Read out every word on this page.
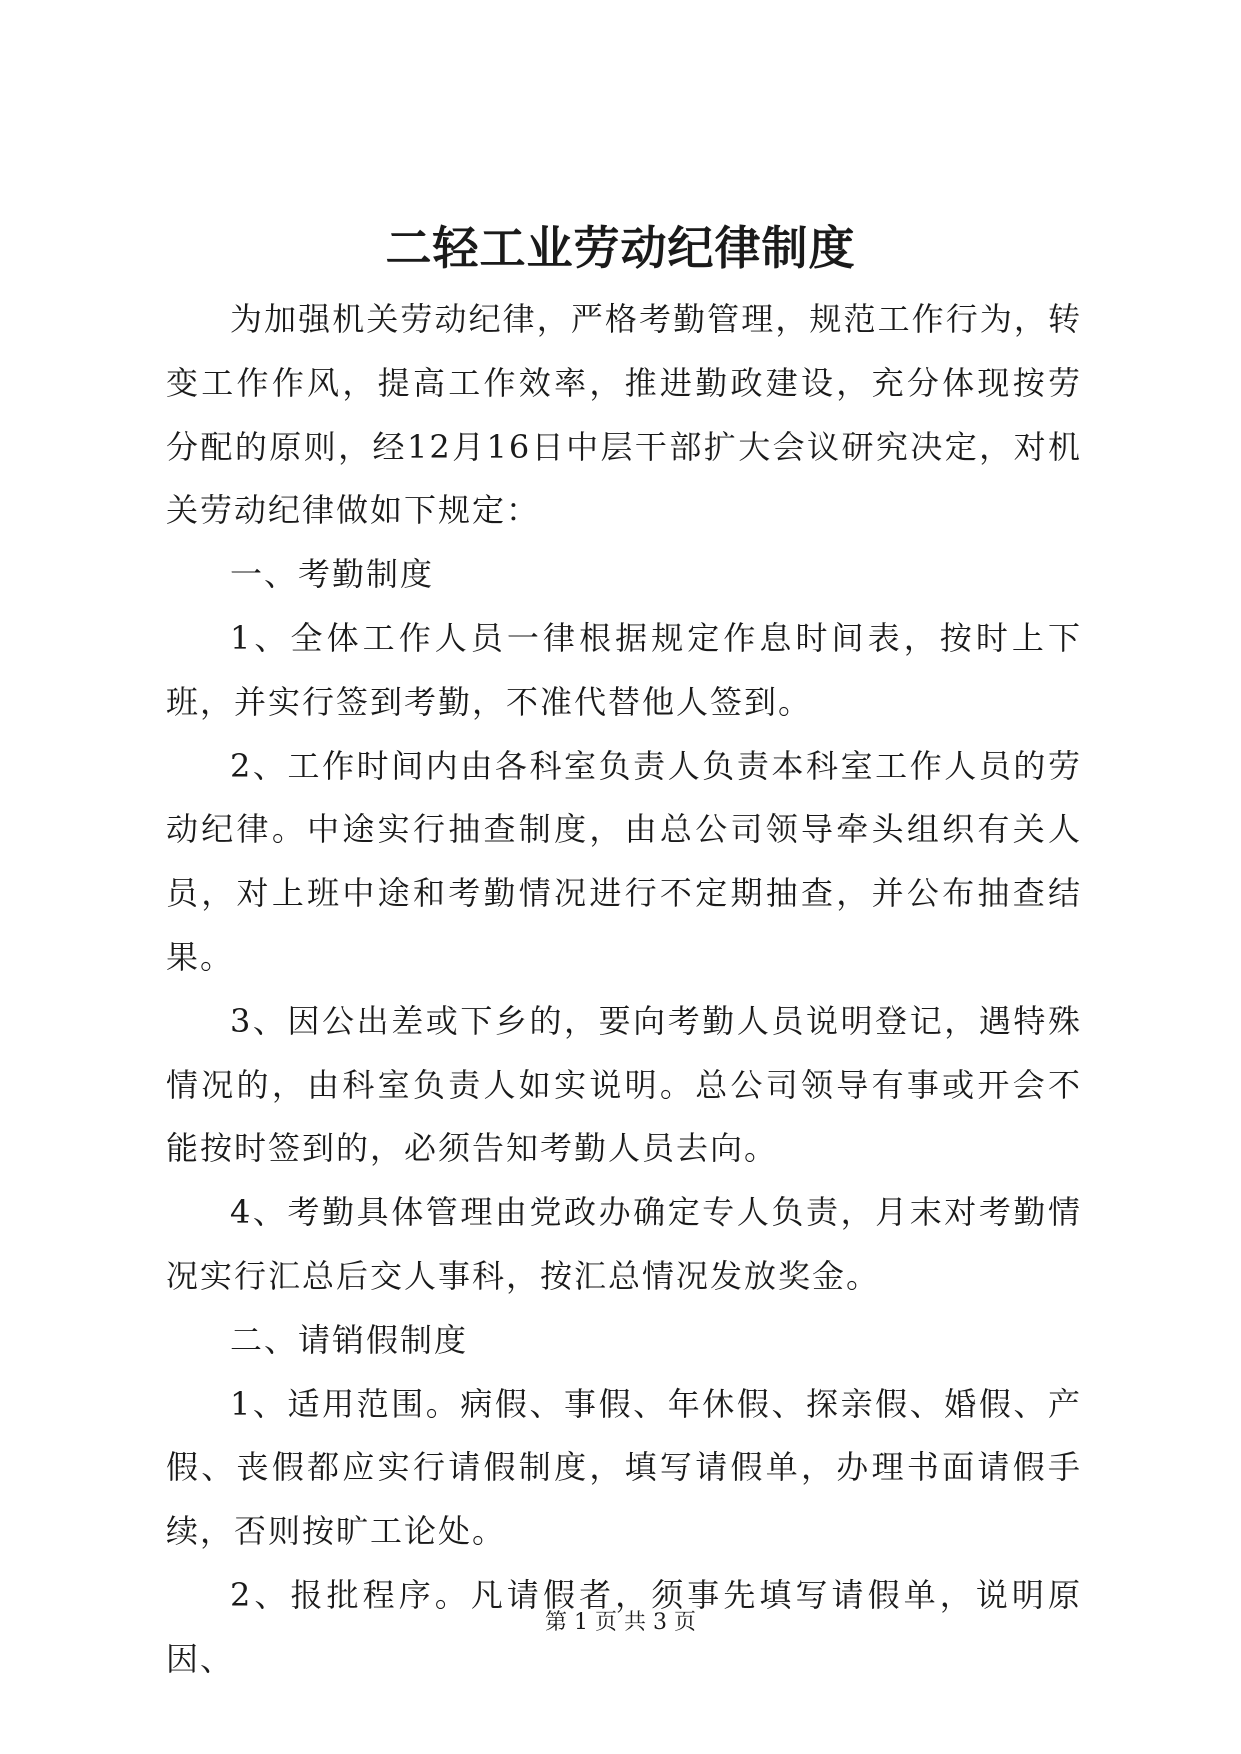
二轻工业劳动纪律制度

为加强机关劳动纪律，严格考勤管理，规范工作行为，转变工作作风，提高工作效率，推进勤政建设，充分体现按劳分配的原则，经12月16日中层干部扩大会议研究决定，对机关劳动纪律做如下规定：

一、考勤制度

1、全体工作人员一律根据规定作息时间表，按时上下班，并实行签到考勤，不准代替他人签到。

2、工作时间内由各科室负责人负责本科室工作人员的劳动纪律。中途实行抽查制度，由总公司领导牵头组织有关人员，对上班中途和考勤情况进行不定期抽查，并公布抽查结果。

3、因公出差或下乡的，要向考勤人员说明登记，遇特殊情况的，由科室负责人如实说明。总公司领导有事或开会不能按时签到的，必须告知考勤人员去向。

4、考勤具体管理由党政办确定专人负责，月末对考勤情况实行汇总后交人事科，按汇总情况发放奖金。

二、请销假制度

1、适用范围。病假、事假、年休假、探亲假、婚假、产假、丧假都应实行请假制度，填写请假单，办理书面请假手续，否则按旷工论处。

2、报批程序。凡请假者，须事先填写请假单，说明原因、

第 1 页 共 3 页
